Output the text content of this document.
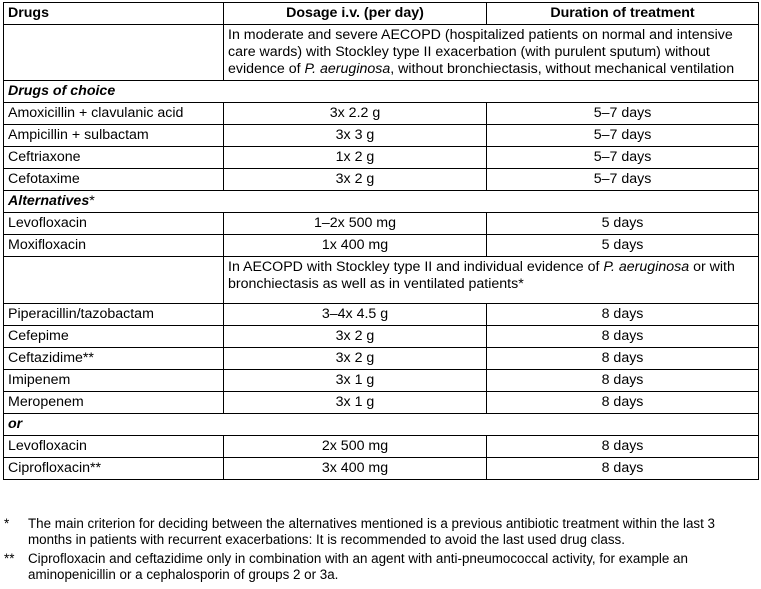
Drugs	Dosage i.v. (per day)	Duration of treatment
	In moderate and severe AECOPD (hospitalized patients on normal and intensive care wards) with Stockley type II exacerbation (with purulent sputum) without evidence of P. aeruginosa, without bronchiectasis, without mechanical ventilation	
Drugs of choice		
Amoxicillin + clavulanic acid	3x 2.2 g	5–7 days
Ampicillin + sulbactam	3x 3 g	5–7 days
Ceftriaxone	1x 2 g	5–7 days
Cefotaxime	3x 2 g	5–7 days
Alternatives*		
Levofloxacin	1–2x 500 mg	5 days
Moxifloxacin	1x 400 mg	5 days
	In AECOPD with Stockley type II and individual evidence of P. aeruginosa or with bronchiectasis as well as in ventilated patients*	
Piperacillin/tazobactam	3–4x 4.5 g	8 days
Cefepime	3x 2 g	8 days
Ceftazidime**	3x 2 g	8 days
Imipenem	3x 1 g	8 days
Meropenem	3x 1 g	8 days
or		
Levofloxacin	2x 500 mg	8 days
Ciprofloxacin**	3x 400 mg	8 days
*	The main criterion for deciding between the alternatives mentioned is a previous antibiotic treatment within the last 3 months in patients with recurrent exacerbations: It is recommended to avoid the last used drug class.
**	Ciprofloxacin and ceftazidime only in combination with an agent with anti-pneumococcal activity, for example an aminopenicillin or a cephalosporin of groups 2 or 3a.
